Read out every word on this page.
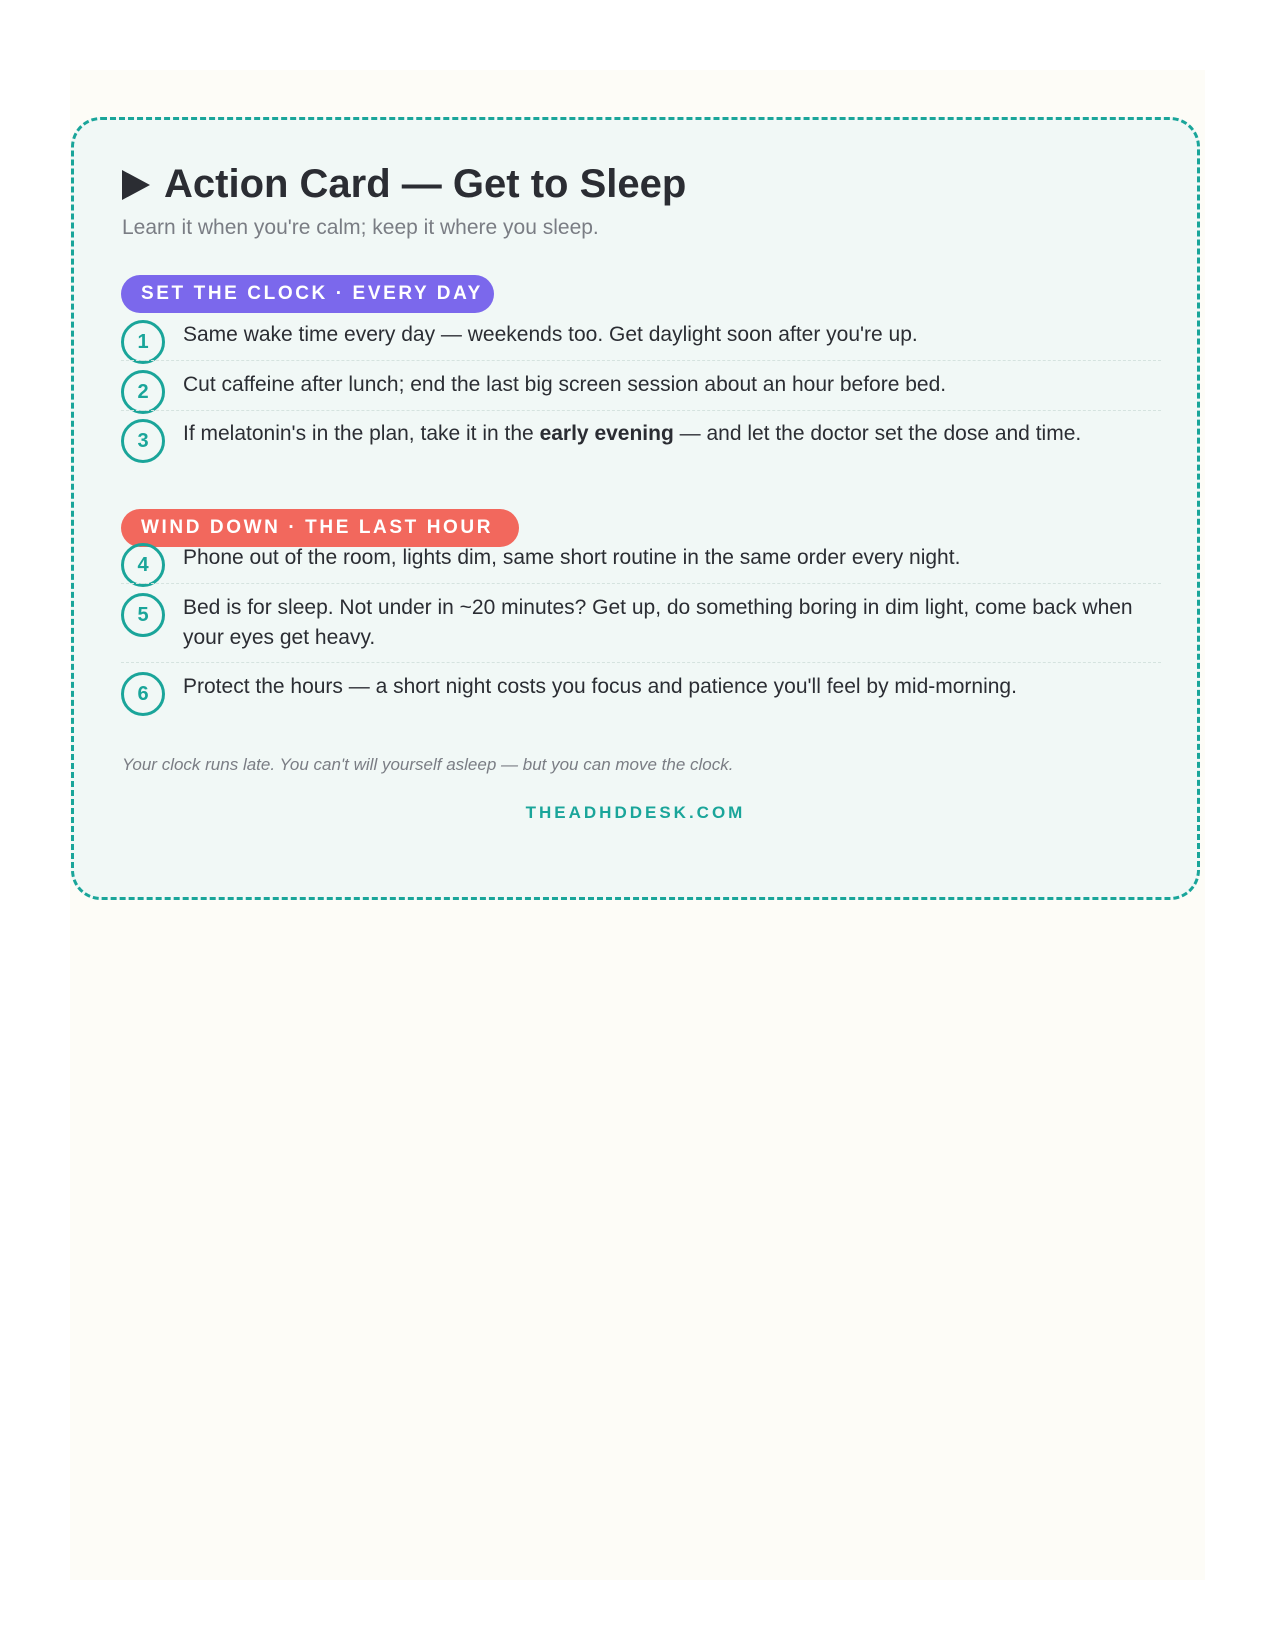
Action Card — Get to Sleep
Learn it when you're calm; keep it where you sleep.
SET THE CLOCK · EVERY DAY
1	Same wake time every day — weekends too. Get daylight soon after you're up.
2	Cut caffeine after lunch; end the last big screen session about an hour before bed.
3	If melatonin's in the plan, take it in the early evening — and let the doctor set the dose and time.
WIND DOWN · THE LAST HOUR
4	Phone out of the room, lights dim, same short routine in the same order every night.
5	Bed is for sleep. Not under in ~20 minutes? Get up, do something boring in dim light, come back when your eyes get heavy.
6	Protect the hours — a short night costs you focus and patience you'll feel by mid-morning.
Your clock runs late. You can't will yourself asleep — but you can move the clock.
THEADHDDESK.COM
